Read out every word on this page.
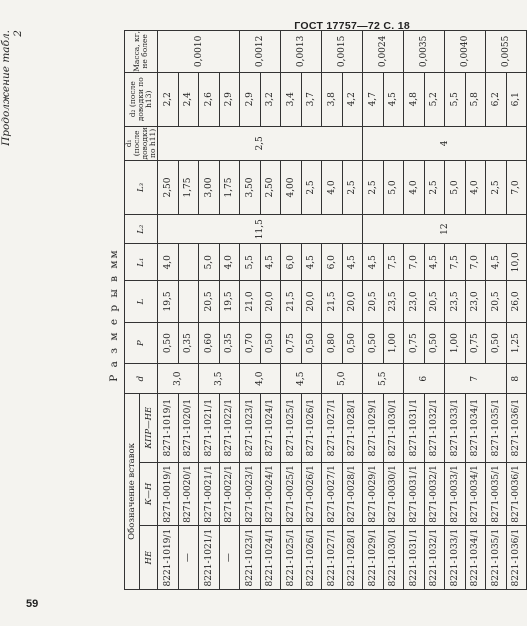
ГОСТ 17757—72 С. 18
Продолжение табл. 2
Р а з м е р ы в мм
Обозначение вставок			d	P	L	L₁	L₂	L₃	d₁ (после доводки по h11)	d₂ (после доводки по h13)	Масса, кг, не более
НЕ	К—Н	КПР—НЕ									
8221-1019/1	8271-0019/1	8271-1019/1	3,0	0,50	19,5	4,0	11,5	2,50	2,5	2,2	0,0010
—	8271-0020/1	8271-1020/1		0,35				1,75		2,4	
8221-1021/1	8271-0021/1	8271-1021/1	3,5	0,60	20,5	5,0		3,00		2,6	
—	8271-0022/1	8271-1022/1		0,35	19,5	4,0		1,75		2,9	
8221-1023/1	8271-0023/1	8271-1023/1	4,0	0,70	21,0	5,5		3,50		2,9	0,0012
8221-1024/1	8271-0024/1	8271-1024/1		0,50	20,0	4,5		2,50		3,2	
8221-1025/1	8271-0025/1	8271-1025/1	4,5	0,75	21,5	6,0		4,00		3,4	0,0013
8221-1026/1	8271-0026/1	8271-1026/1		0,50	20,0	4,5		2,5		3,7	
8221-1027/1	8271-0027/1	8271-1027/1	5,0	0,80	21,5	6,0		4,0		3,8	0,0015
8221-1028/1	8271-0028/1	8271-1028/1		0,50	20,0	4,5		2,5		4,2	
8221-1029/1	8271-0029/1	8271-1029/1	5,5	0,50	20,5	4,5	12	2,5	4	4,7	0,0024
8221-1030/1	8271-0030/1	8271-1030/1		1,00	23,5	7,5		5,0		4,5	
8221-1031/1	8271-0031/1	8271-1031/1	6	0,75	23,0	7,0		4,0		4,8	0,0035
8221-1032/1	8271-0032/1	8271-1032/1		0,50	20,5	4,5		2,5		5,2	
8221-1033/1	8271-0033/1	8271-1033/1	7	1,00	23,5	7,5		5,0		5,5	0,0040
8221-1034/1	8271-0034/1	8271-1034/1		0,75	23,0	7,0		4,0		5,8	
8221-1035/1	8271-0035/1	8271-1035/1		0,50	20,5	4,5		2,5		6,2	0,0055
8221-1036/1	8271-0036/1	8271-1036/1	8	1,25	26,0	10,0		7,0		6,1	
59
